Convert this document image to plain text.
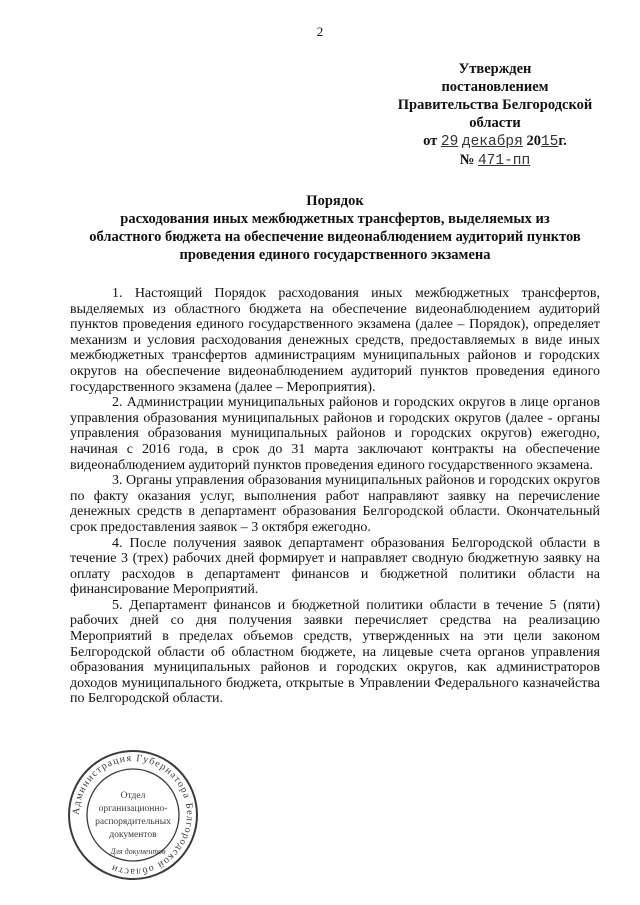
2
Утвержден
постановлением
Правительства Белгородской
области
от 29 декабря 2015г.
№ 471-пп
Порядок
расходования иных межбюджетных трансфертов, выделяемых из
областного бюджета на обеспечение видеонаблюдением аудиторий пунктов
проведения единого государственного экзамена

1. Настоящий Порядок расходования иных межбюджетных трансфертов, выделяемых из областного бюджета на обеспечение видеонаблюдением аудиторий пунктов проведения единого государственного экзамена (далее – Порядок), определяет механизм и условия расходования денежных средств, предоставляемых в виде иных межбюджетных трансфертов администрациям муниципальных районов и городских округов на обеспечение видеонаблюдением аудиторий пунктов проведения единого государственного экзамена (далее – Мероприятия).

2. Администрации муниципальных районов и городских округов в лице органов управления образования муниципальных районов и городских округов (далее - органы управления образования муниципальных районов и городских округов) ежегодно, начиная с 2016 года, в срок до 31 марта заключают контракты на обеспечение видеонаблюдением аудиторий пунктов проведения единого государственного экзамена.

3. Органы управления образования муниципальных районов и городских округов по факту оказания услуг, выполнения работ направляют заявку на перечисление денежных средств в департамент образования Белгородской области. Окончательный срок предоставления заявок – 3 октября ежегодно.

4. После получения заявок департамент образования Белгородской области в течение 3 (трех) рабочих дней формирует и направляет сводную бюджетную заявку на оплату расходов в департамент финансов и бюджетной политики области на финансирование Мероприятий.

5. Департамент финансов и бюджетной политики области в течение 5 (пяти) рабочих дней со дня получения заявки перечисляет средства на реализацию Мероприятий в пределах объемов средств, утвержденных на эти цели законом Белгородской области об областном бюджете, на лицевые счета органов управления образования муниципальных районов и городских округов, как администраторов доходов муниципального бюджета, открытые в Управлении Федерального казначейства по Белгородской области.

Администрация Губернатора Белгородской области
Отдел
организационно-
распорядительных
документов
Для документов
